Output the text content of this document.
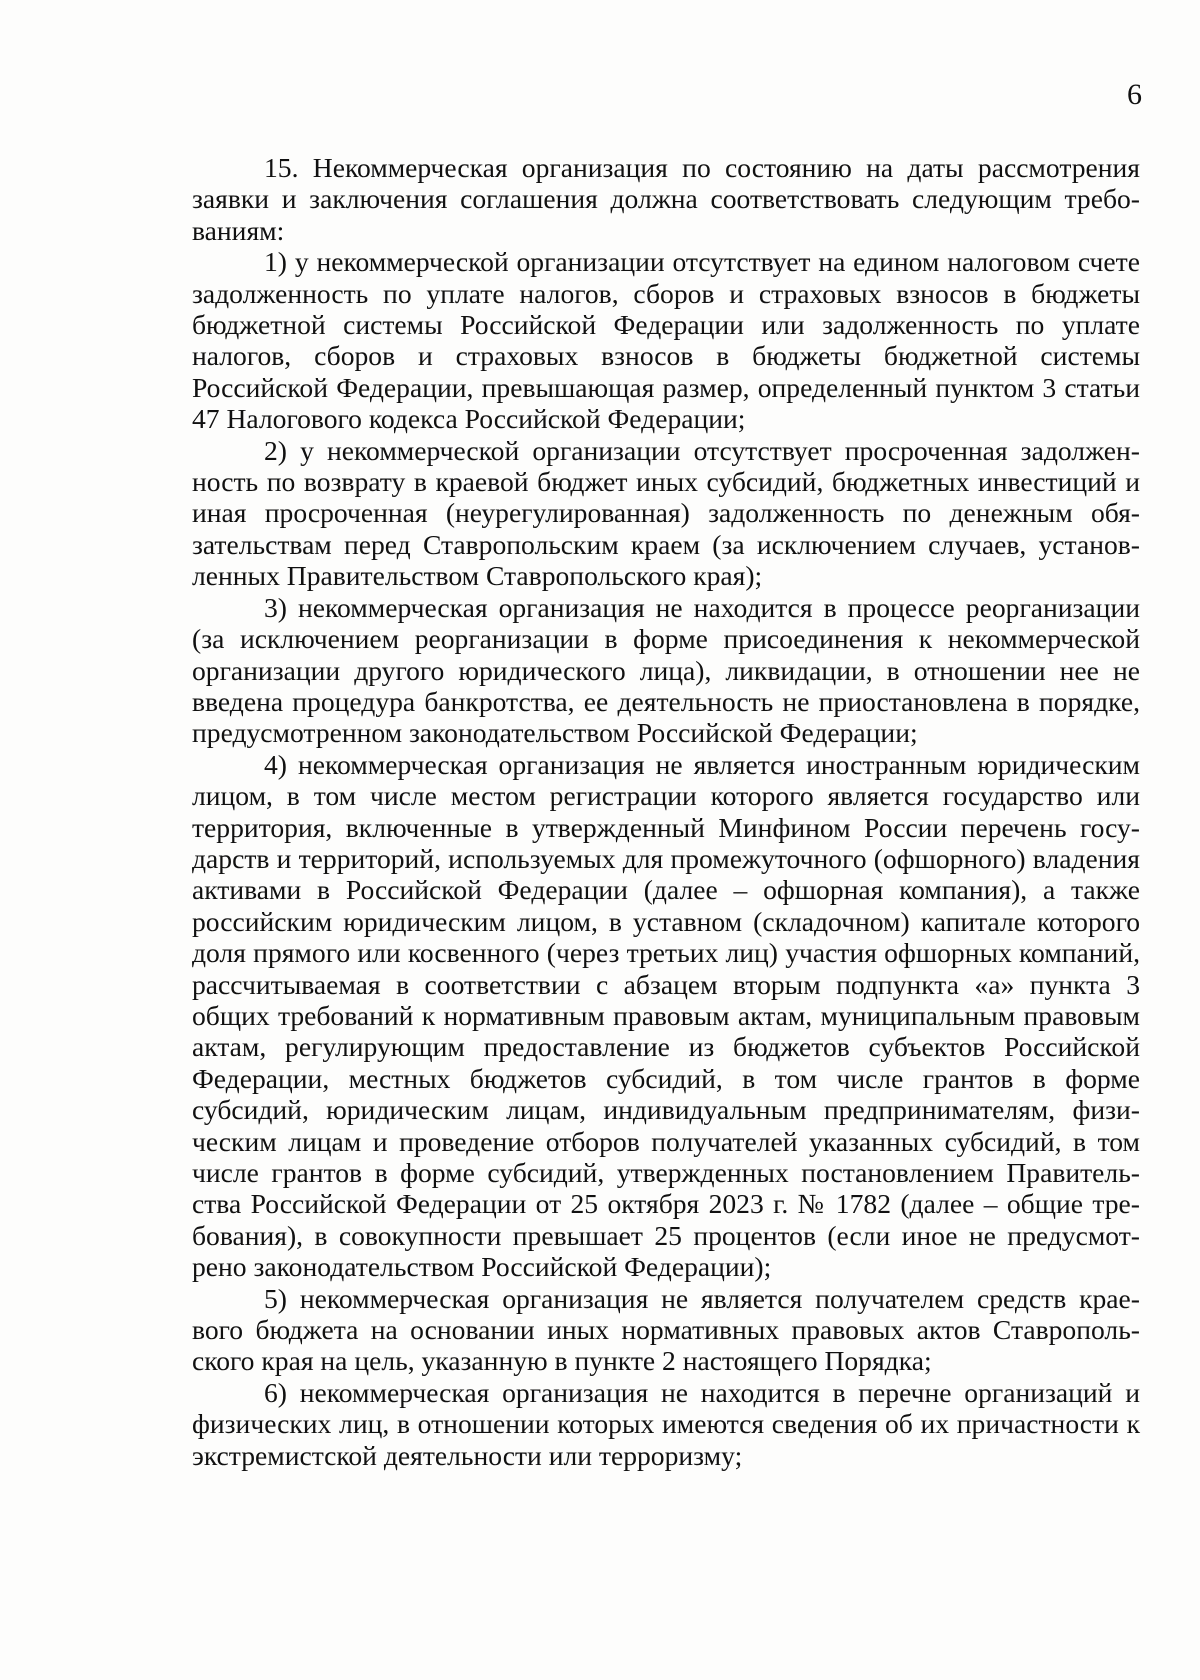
6

15. Некоммерческая организация по состоянию на даты рассмотрения заявки и заключения соглашения должна соответствовать следующим требованиям:

1) у некоммерческой организации отсутствует на едином налоговом счете задолженность по уплате налогов, сборов и страховых взносов в бюджеты бюджетной системы Российской Федерации или задолженность по уплате налогов, сборов и страховых взносов в бюджеты бюджетной системы Российской Федерации, превышающая размер, определенный пунктом 3 статьи 47 Налогового кодекса Российской Федерации;

2) у некоммерческой организации отсутствует просроченная задолженность по возврату в краевой бюджет иных субсидий, бюджетных инвестиций и иная просроченная (неурегулированная) задолженность по денежным обязательствам перед Ставропольским краем (за исключением случаев, установленных Правительством Ставропольского края);

3) некоммерческая организация не находится в процессе реорганизации (за исключением реорганизации в форме присоединения к некоммерческой организации другого юридического лица), ликвидации, в отношении нее не введена процедура банкротства, ее деятельность не приостановлена в порядке, предусмотренном законодательством Российской Федерации;

4) некоммерческая организация не является иностранным юридическим лицом, в том числе местом регистрации которого является государство или территория, включенные в утвержденный Минфином России перечень государств и территорий, используемых для промежуточного (офшорного) владения активами в Российской Федерации (далее – офшорная компания), а также российским юридическим лицом, в уставном (складочном) капитале которого доля прямого или косвенного (через третьих лиц) участия офшорных компаний, рассчитываемая в соответствии с абзацем вторым подпункта «а» пункта 3 общих требований к нормативным правовым актам, муниципальным правовым актам, регулирующим предоставление из бюджетов субъектов Российской Федерации, местных бюджетов субсидий, в том числе грантов в форме субсидий, юридическим лицам, индивидуальным предпринимателям, физическим лицам и проведение отборов получателей указанных субсидий, в том числе грантов в форме субсидий, утвержденных постановлением Правительства Российской Федерации от 25 октября 2023 г. № 1782 (далее – общие требования), в совокупности превышает 25 процентов (если иное не предусмотрено законодательством Российской Федерации);

5) некоммерческая организация не является получателем средств краевого бюджета на основании иных нормативных правовых актов Ставропольского края на цель, указанную в пункте 2 настоящего Порядка;

6) некоммерческая организация не находится в перечне организаций и физических лиц, в отношении которых имеются сведения об их причастности к экстремистской деятельности или терроризму;
